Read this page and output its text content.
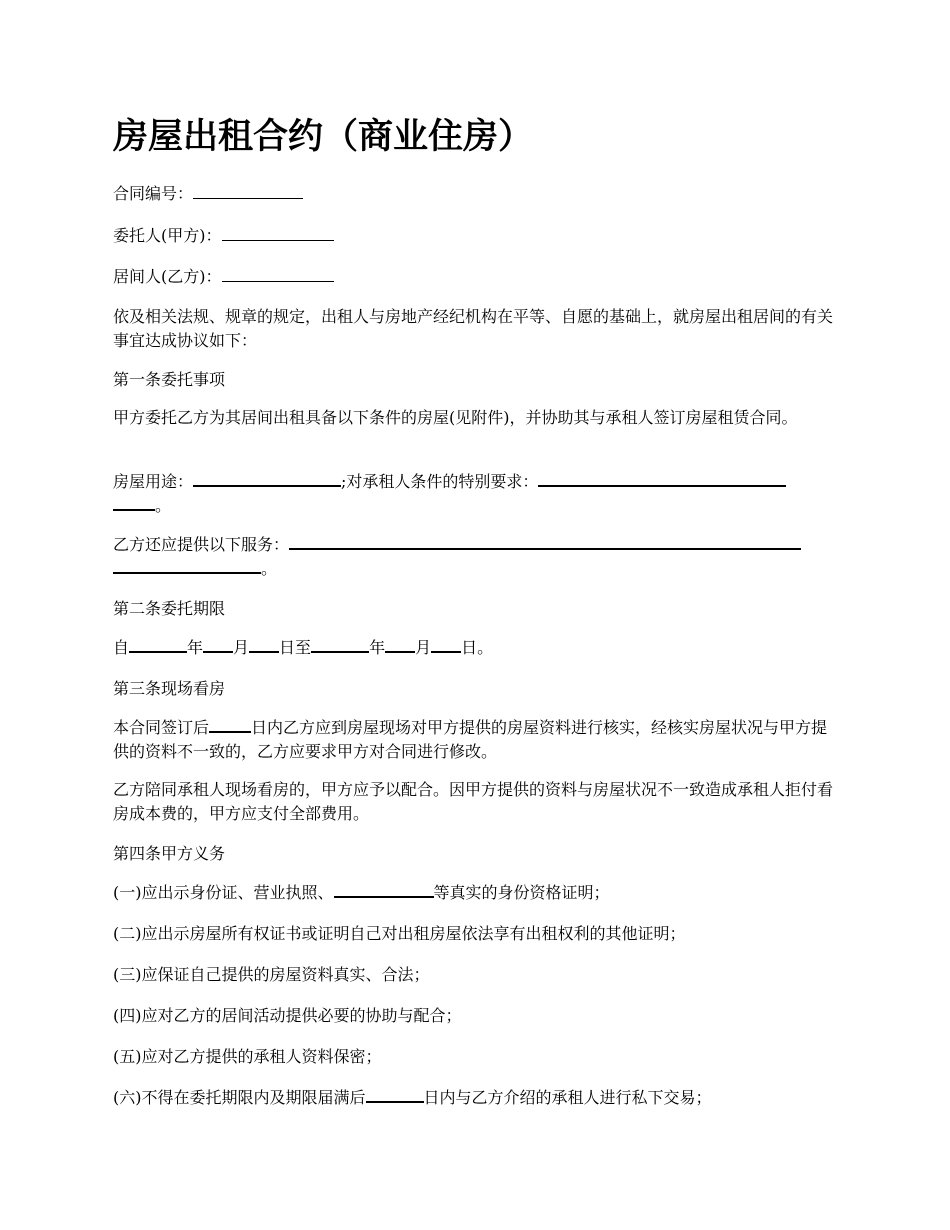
房屋出租合约（商业住房）

合同编号：

委托人(甲方)：

居间人(乙方)：

依及相关法规、规章的规定，出租人与房地产经纪机构在平等、自愿的基础上，就房屋出租居间的有关事宜达成协议如下：

第一条委托事项

甲方委托乙方为其居间出租具备以下条件的房屋(见附件)，并协助其与承租人签订房屋租赁合同。

房屋用途：	;对承租人条件的特别要求：
。

乙方还应提供以下服务：
。

第二条委托期限

自	年 月 日至	年 月 日。

第三条现场看房

本合同签订后	日内乙方应到房屋现场对甲方提供的房屋资料进行核实，经核实房屋状况与甲方提供的资料不一致的，乙方应要求甲方对合同进行修改。

乙方陪同承租人现场看房的，甲方应予以配合。因甲方提供的资料与房屋状况不一致造成承租人拒付看房成本费的，甲方应支付全部费用。

第四条甲方义务

(一)应出示身份证、营业执照、	等真实的身份资格证明；

(二)应出示房屋所有权证书或证明自己对出租房屋依法享有出租权利的其他证明；

(三)应保证自己提供的房屋资料真实、合法；

(四)应对乙方的居间活动提供必要的协助与配合；

(五)应对乙方提供的承租人资料保密；

(六)不得在委托期限内及期限届满后	日内与乙方介绍的承租人进行私下交易；
